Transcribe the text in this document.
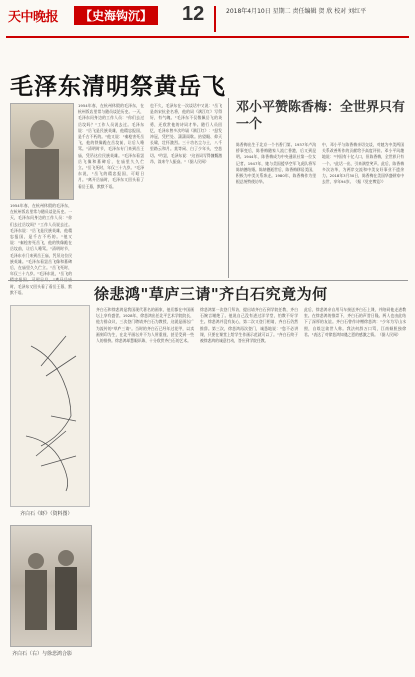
天中晚报	【史海钩沉】	12	2018年4月10日 星期二 责任编辑 贺 欣 校对 刘红平
毛泽东清明祭黄岳飞
1954年春，在杭州休假的毛泽东，在杭州饭店里常与随员谈论历史。一天，毛泽东问身边的工作人员："你们去过岳坟吗？"工作人员说去过。毛泽东说："岳飞是民族英雄，他精忠报国，是千古不朽的。"他又说："秦桧害死岳飞，他的铁像跪在岳坟前，让后人唾骂。"清明时节，毛泽东专门来到岳王庙，凭吊这位民族英雄。"毛泽东看罢岳飞像和墓碑后，在庙里久久伫立。"岳飞死时，年仅三十九岁。"毛泽东说，"岳飞的 时，毛泽东又回头看了看岳王墓，默默不语。
1954年春，在杭州休假的毛泽东，在杭州饭店里常与随员谈论历史。一天，毛泽东问身边的工作人员："你们去过岳坟吗？"工作人员说去过。毛泽东说："岳飞是民族英雄，他精忠报国，是千古不朽的。"他又说："秦桧害死岳飞，他的铁像跪在岳坟前，让后人唾骂。"清明时节，毛泽东专门来到岳王庙，凭吊这位民族英雄。"毛泽东看罢岳飞像和墓碑后，在庙里久久伫立。"岳飞死时，年仅三十九岁。"毛泽东说，"岳飞的精忠报国，可昭日月。"离开岳庙时，毛泽东又回头看了看岳王墓，默默不语。
也不久，毛泽东在一次谈话中又说："岳飞是南宋抗金名将，他的词《满江红》写得好，有气魄。"毛泽东不仅敬佩岳飞的英勇，还欣赏他的诗词才华。随行人员回忆，毛泽东曾多次吟诵《满江红》："怒发冲冠，凭栏处、潇潇雨歇。抬望眼、仰天长啸，壮怀激烈。三十功名尘与土，八千里路云和月。莫等闲、白了少年头，空悲切。"吟罢，毛泽东说："这首词写得慷慨激昂，读来令人振奋。"（据人民网）
邓小平赞陈香梅：全世界只有一个
陈香梅出生于北京一个书香门第。1937年卢沟桥事变后，陈香梅随家人流亡香港，后又到昆明。1944年，陈香梅成为中央通讯社第一位女记者。1947年，她与美国援华空军飞虎队将军陈纳德结婚。陈纳德逝世后，陈香梅移居美国，积极为中美关系奔走。1980年，陈香梅作为里根总统特使访华。
中，邓小平与陈香梅亲切交谈，对她为中美两国关系改善所作的贡献给予高度评价。邓小平风趣地说："中国有十亿人口，但陈香梅，全世界只有一个。"此话一出，引来满堂笑声。此后，陈香梅多次访华，为两岸交流和中美友好事业不遗余力。2018年3月30日，陈香梅在美国华盛顿家中去世，享年94岁。（据《党史博览》）
徐悲鸿"草庐三请"齐白石究竟为何
齐白石《虾》（资料图）
齐白石（右）与徐悲鸿合影
齐白石和徐悲鸿是我国现代著名的画家，他们都在中国画坛上享有盛誉。1928年，徐悲鸿出任北平艺术学院院长，他力排众议，三次登门聘请齐白石为教授，这就是画坛广为流传的"草庐三请"。当时的齐白石已经年过花甲，以卖画刻印为生，在北平画坛并不为人所重视，甚至受到一些人的排挤。徐悲鸿却慧眼识珠，十分欣赏齐白石的艺术。
徐悲鸿第一次登门拜访，提出请齐白石到学院任教，齐白石婉言谢绝了。他说自己没有进过洋学堂，怕教不好学生。徐悲鸿并没有灰心，第二次又登门相请，齐白石仍然推辞。第三次，徐悲鸿再次登门，诚恳地说："您不必讲课，只要在课堂上给学生作画示范就可以了。"齐白石终于被徐悲鸿的诚意打动，答应到学院任教。
此后，徐悲鸿亲自用马车接送齐白石上课，并陪同他走进教室。在徐悲鸿的推崇下，齐白石的声誉日隆。两人也由此结下了深厚的友谊。齐白石曾作诗赠徐悲鸿："少年为写山水照，自娱岂欲世人称。我法何辞万口骂，江南倾胆独徐君。"表达了对徐悲鸿知遇之恩的感激之情。（据人民网）
